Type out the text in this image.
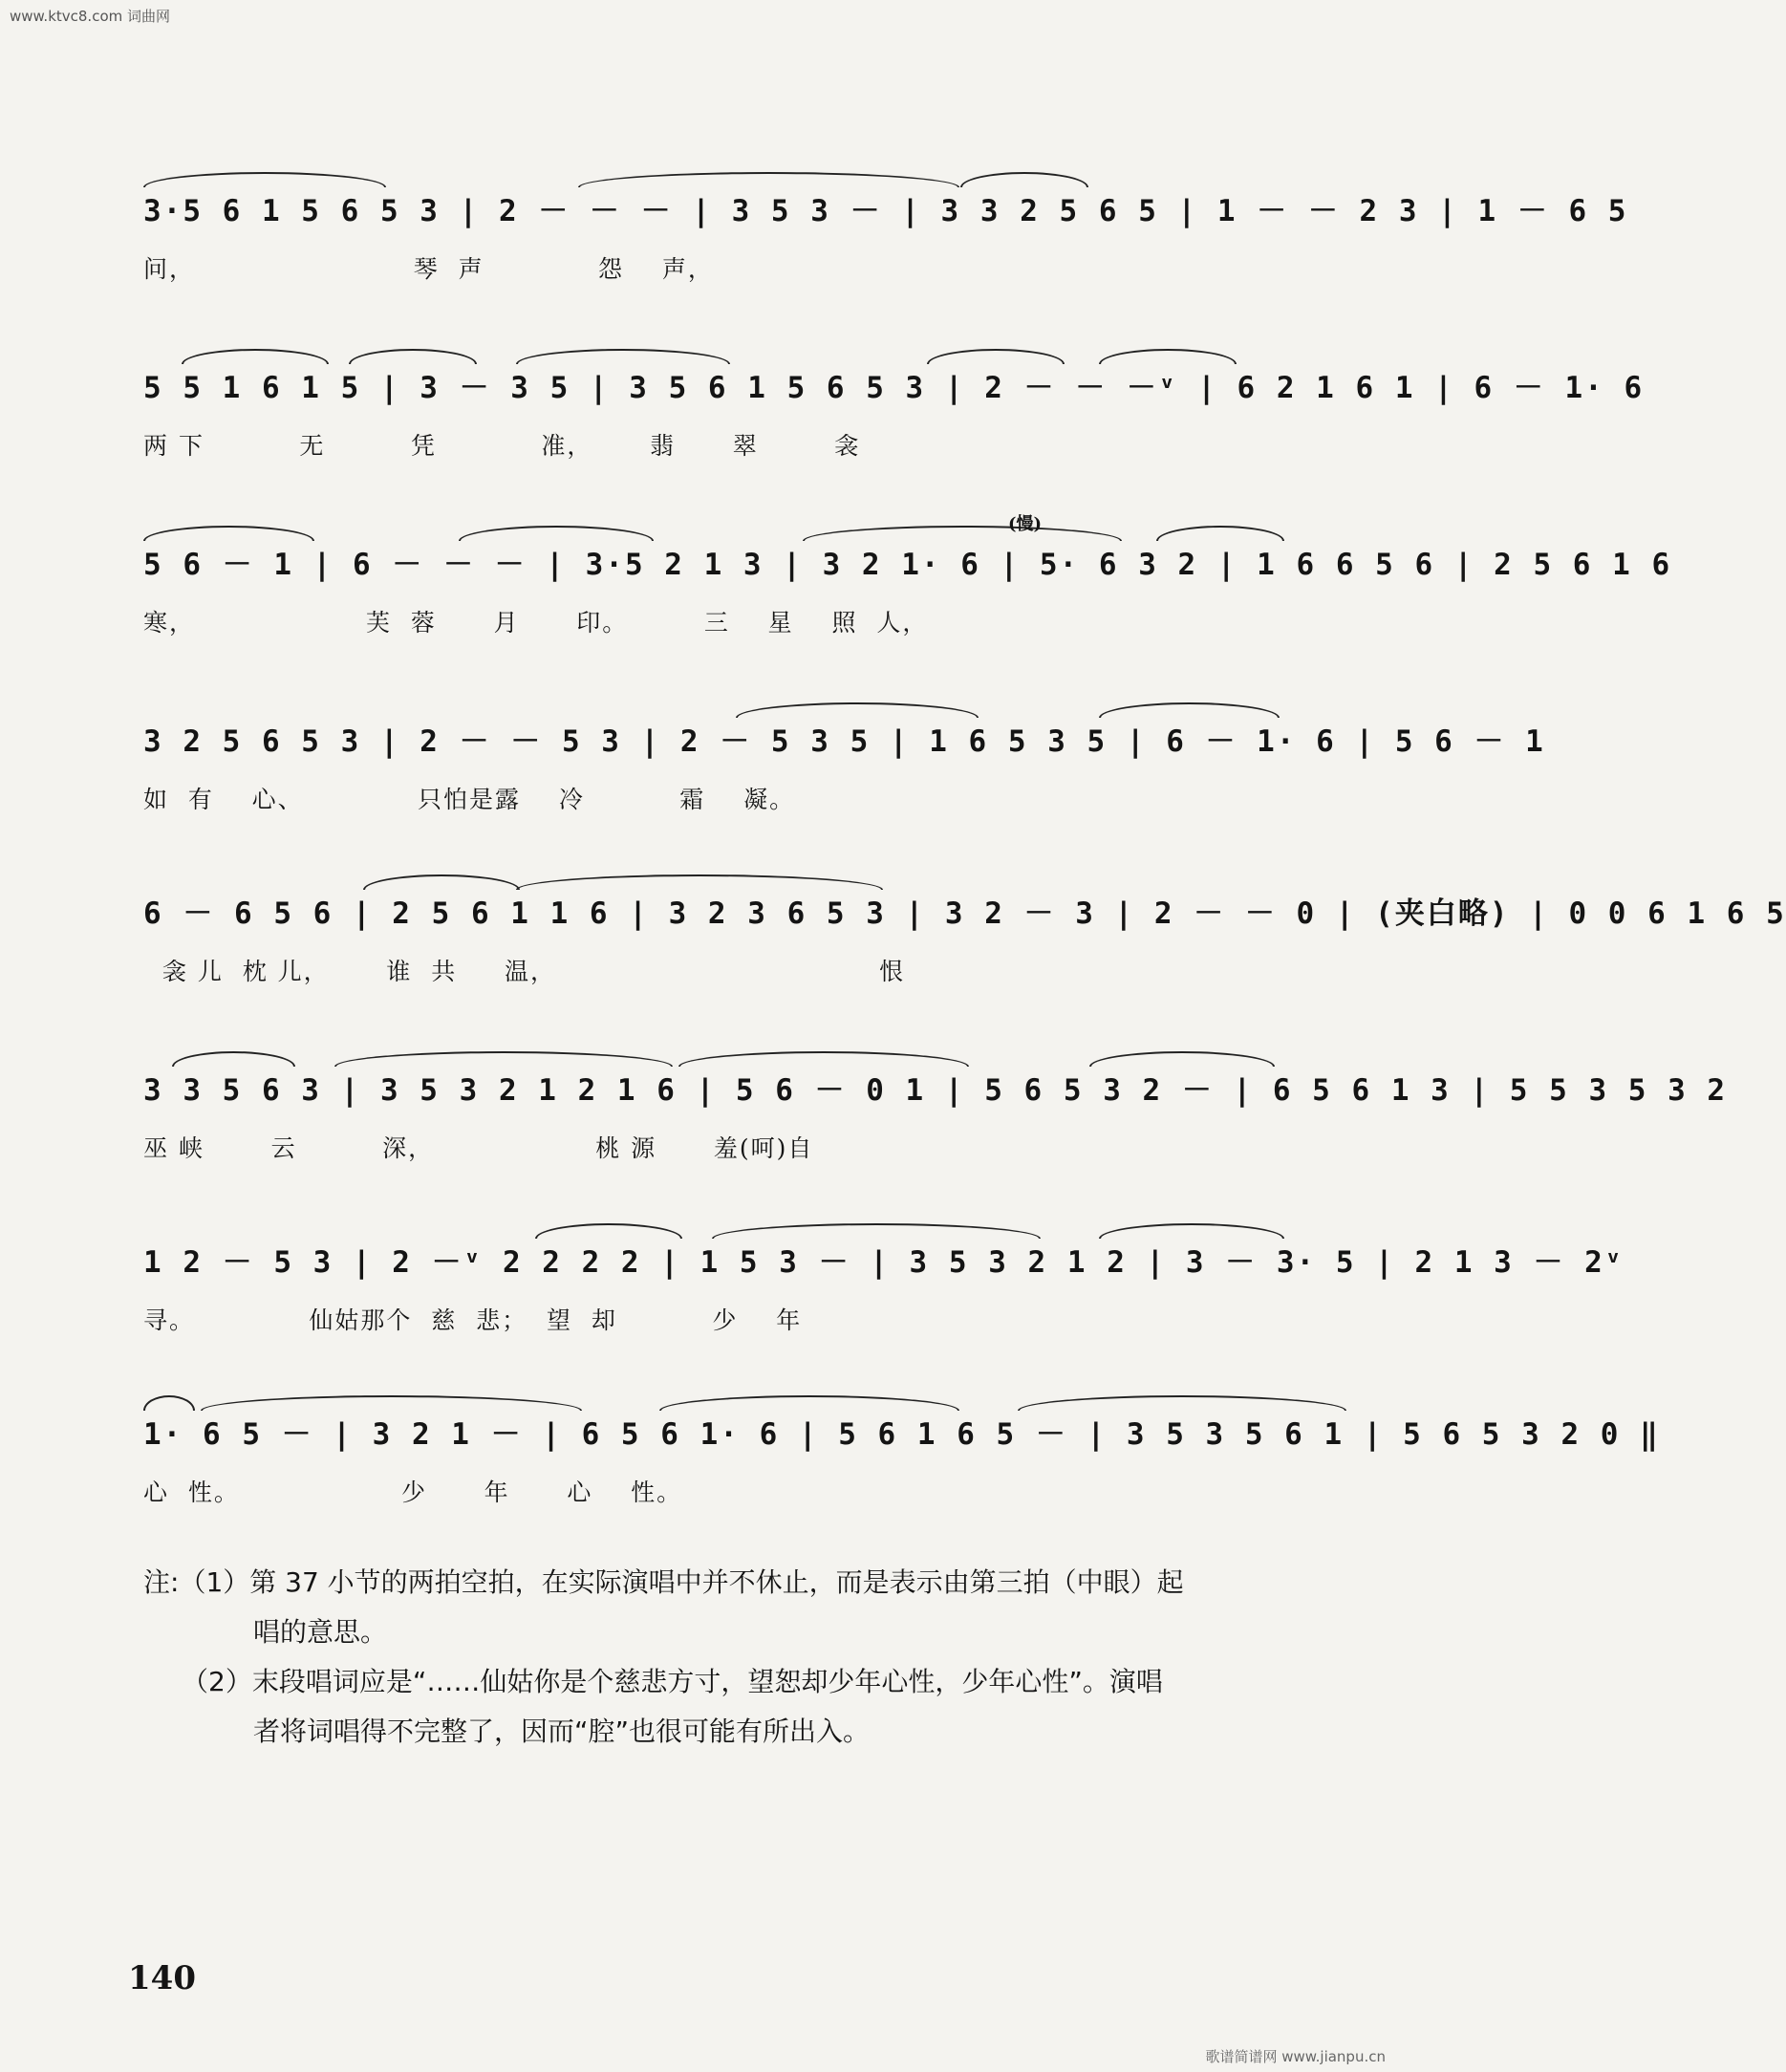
www.ktvc8.com 词曲网
3·5 6 1 5 6 5 3 | 2 － － － | 3 5 3 － | 3 3 2 5 6 5 | 1 － － 2 3 | 1 － 6 5
问，                       琴  声            怨    声，
5 5 1 6 1 5 | 3 － 3 5 | 3 5 6 1 5 6 5 3 | 2 － － －ᵛ | 6 2 1 6 1 | 6 － 1· 6
两 下          无         凭           准，      翡      翠        衾
(慢)
5 6 － 1 | 6 － － － | 3·5 2 1 3 | 3 2 1· 6 | 5· 6 3 2 | 1 6 6 5 6 | 2 5 6 1 6
寒，                  芙  蓉      月      印。        三    星    照  人，
3 2 5 6 5 3 | 2 － － 5 3 | 2 － 5 3 5 | 1 6 5 3 5 | 6 － 1· 6 | 5 6 － 1
如  有    心、            只怕是露    冷          霜    凝。
6 － 6 5 6 | 2 5 6 1 1 6 | 3 2 3 6 5 3 | 3 2 － 3 | 2 － － 0 | (夹白略) | 0 0 6 1 6 5
衾 儿  枕 儿，      谁  共     温，                                  恨
3 3 5 6 3 | 3 5 3 2 1 2 1 6 | 5 6 － 0 1 | 5 6 5 3 2 － | 6 5 6 1 3 | 5 5 3 5 3 2
巫 峡       云         深，                 桃 源      羞(呵)自
1 2 － 5 3 | 2 －ᵛ 2 2 2 2 | 1 5 3 － | 3 5 3 2 1 2 | 3 － 3· 5 | 2 1 3 － 2ᵛ
寻。            仙姑那个  慈  悲；  望  却          少    年
1· 6 5 － | 3 2 1 － | 6 5 6 1· 6 | 5 6 1 6 5 － | 3 5 3 5 6 1 | 5 6 5 3 2 0 ‖
心  性。                 少      年      心    性。
注:（1）第 37 小节的两拍空拍，在实际演唱中并不休止，而是表示由第三拍（中眼）起
唱的意思。
（2）末段唱词应是“……仙姑你是个慈悲方寸，望恕却少年心性，少年心性”。演唱
者将词唱得不完整了，因而“腔”也很可能有所出入。
140
歌谱简谱网 www.jianpu.cn
